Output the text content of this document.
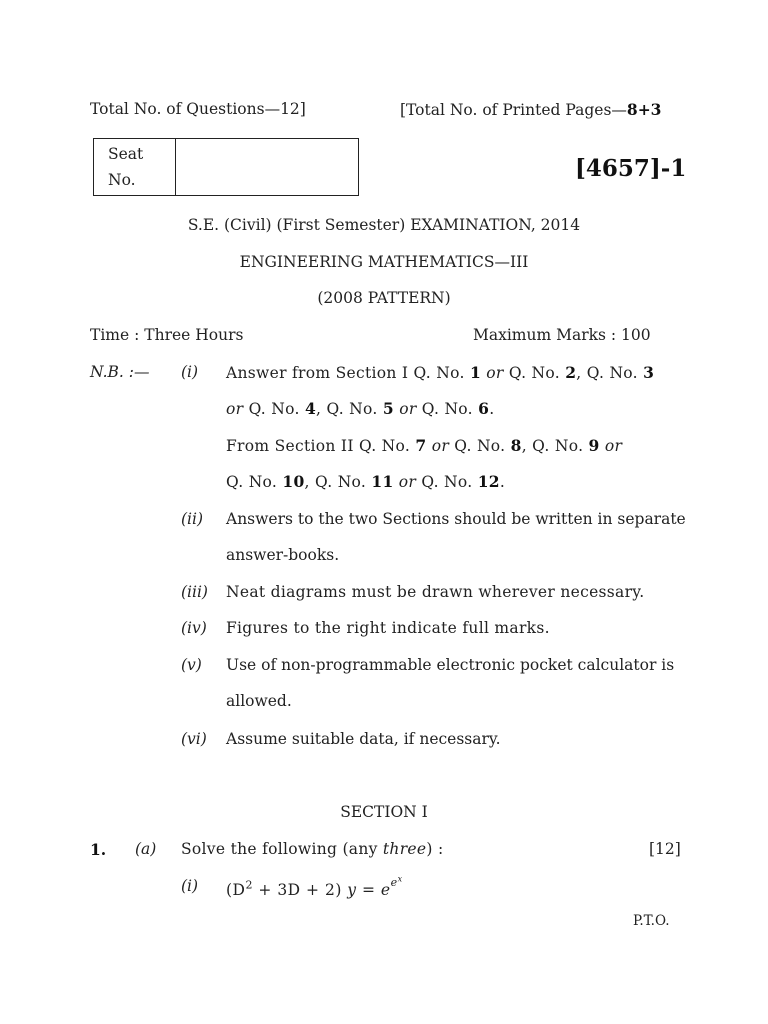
Total No. of Questions—12]	[Total No. of Printed Pages—8+3
Seat
No.	[4657]-1
S.E. (Civil) (First Semester) EXAMINATION, 2014
ENGINEERING MATHEMATICS—III
(2008 PATTERN)
Time : Three Hours	Maximum Marks : 100
N.B. :— (i) Answer from Section I Q. No. 1 or Q. No. 2, Q. No. 3
or Q. No. 4, Q. No. 5 or Q. No. 6.
From Section II Q. No. 7 or Q. No. 8, Q. No. 9 or
Q. No. 10, Q. No. 11 or Q. No. 12.
(ii) Answers to the two Sections should be written in separate
answer-books.
(iii) Neat diagrams must be drawn wherever necessary.
(iv) Figures to the right indicate full marks.
(v) Use of non-programmable electronic pocket calculator is
allowed.
(vi) Assume suitable data, if necessary.
SECTION I
1. (a) Solve the following (any three) :	[12]
(i) $(D^2 + 3D + 2) y = e^{e^x}$
P.T.O.
